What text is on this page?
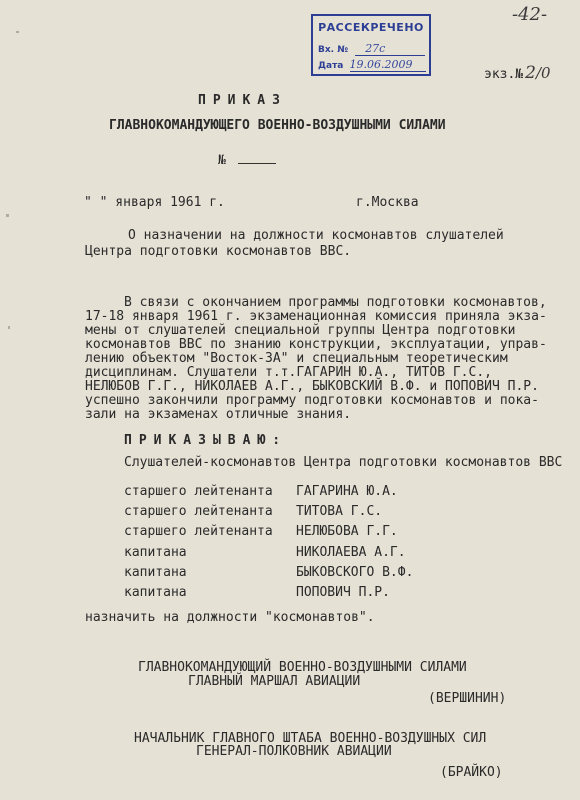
РАССЕКРЕЧЕНО
Вх. № 27с
Дата 19.06.2009
-42-
экз.№ 2/0
ПРИКАЗ
ГЛАВНОКОМАНДУЮЩЕГО ВОЕННО-ВОЗДУШНЫМИ СИЛАМИ
№
" " января 1961 г.	г.Москва
О назначении на должности космонавтов слушателей
Центра подготовки космонавтов ВВС.
В связи с окончанием программы подготовки космонавтов,
17-18 января 1961 г. экзаменационная комиссия приняла экза-
мены от слушателей специальной группы Центра подготовки
космонавтов ВВС по знанию конструкции, эксплуатации, управ-
лению объектом "Восток-3А" и специальным теоретическим
дисциплинам. Слушатели т.т.ГАГАРИН Ю.А., ТИТОВ Г.С.,
НЕЛЮБОВ Г.Г., НИКОЛАЕВ А.Г., БЫКОВСКИЙ В.Ф. и ПОПОВИЧ П.Р.
успешно закончили программу подготовки космонавтов и пока-
зали на экзаменах отличные знания.
ПРИКАЗЫВАЮ:
Слушателей-космонавтов Центра подготовки космонавтов ВВС
старшего лейтенанта ГАГАРИНА Ю.А.
старшего лейтенанта ТИТОВА Г.С.
старшего лейтенанта НЕЛЮБОВА Г.Г.
капитана	НИКОЛАЕВА А.Г.
капитана	БЫКОВСКОГО В.Ф.
капитана	ПОПОВИЧ П.Р.
назначить на должности "космонавтов".
ГЛАВНОКОМАНДУЮЩИЙ ВОЕННО-ВОЗДУШНЫМИ СИЛАМИ
ГЛАВНЫЙ МАРШАЛ АВИАЦИИ
(ВЕРШИНИН)
НАЧАЛЬНИК ГЛАВНОГО ШТАБА ВОЕННО-ВОЗДУШНЫХ СИЛ
ГЕНЕРАЛ-ПОЛКОВНИК АВИАЦИИ
(БРАЙКО)
